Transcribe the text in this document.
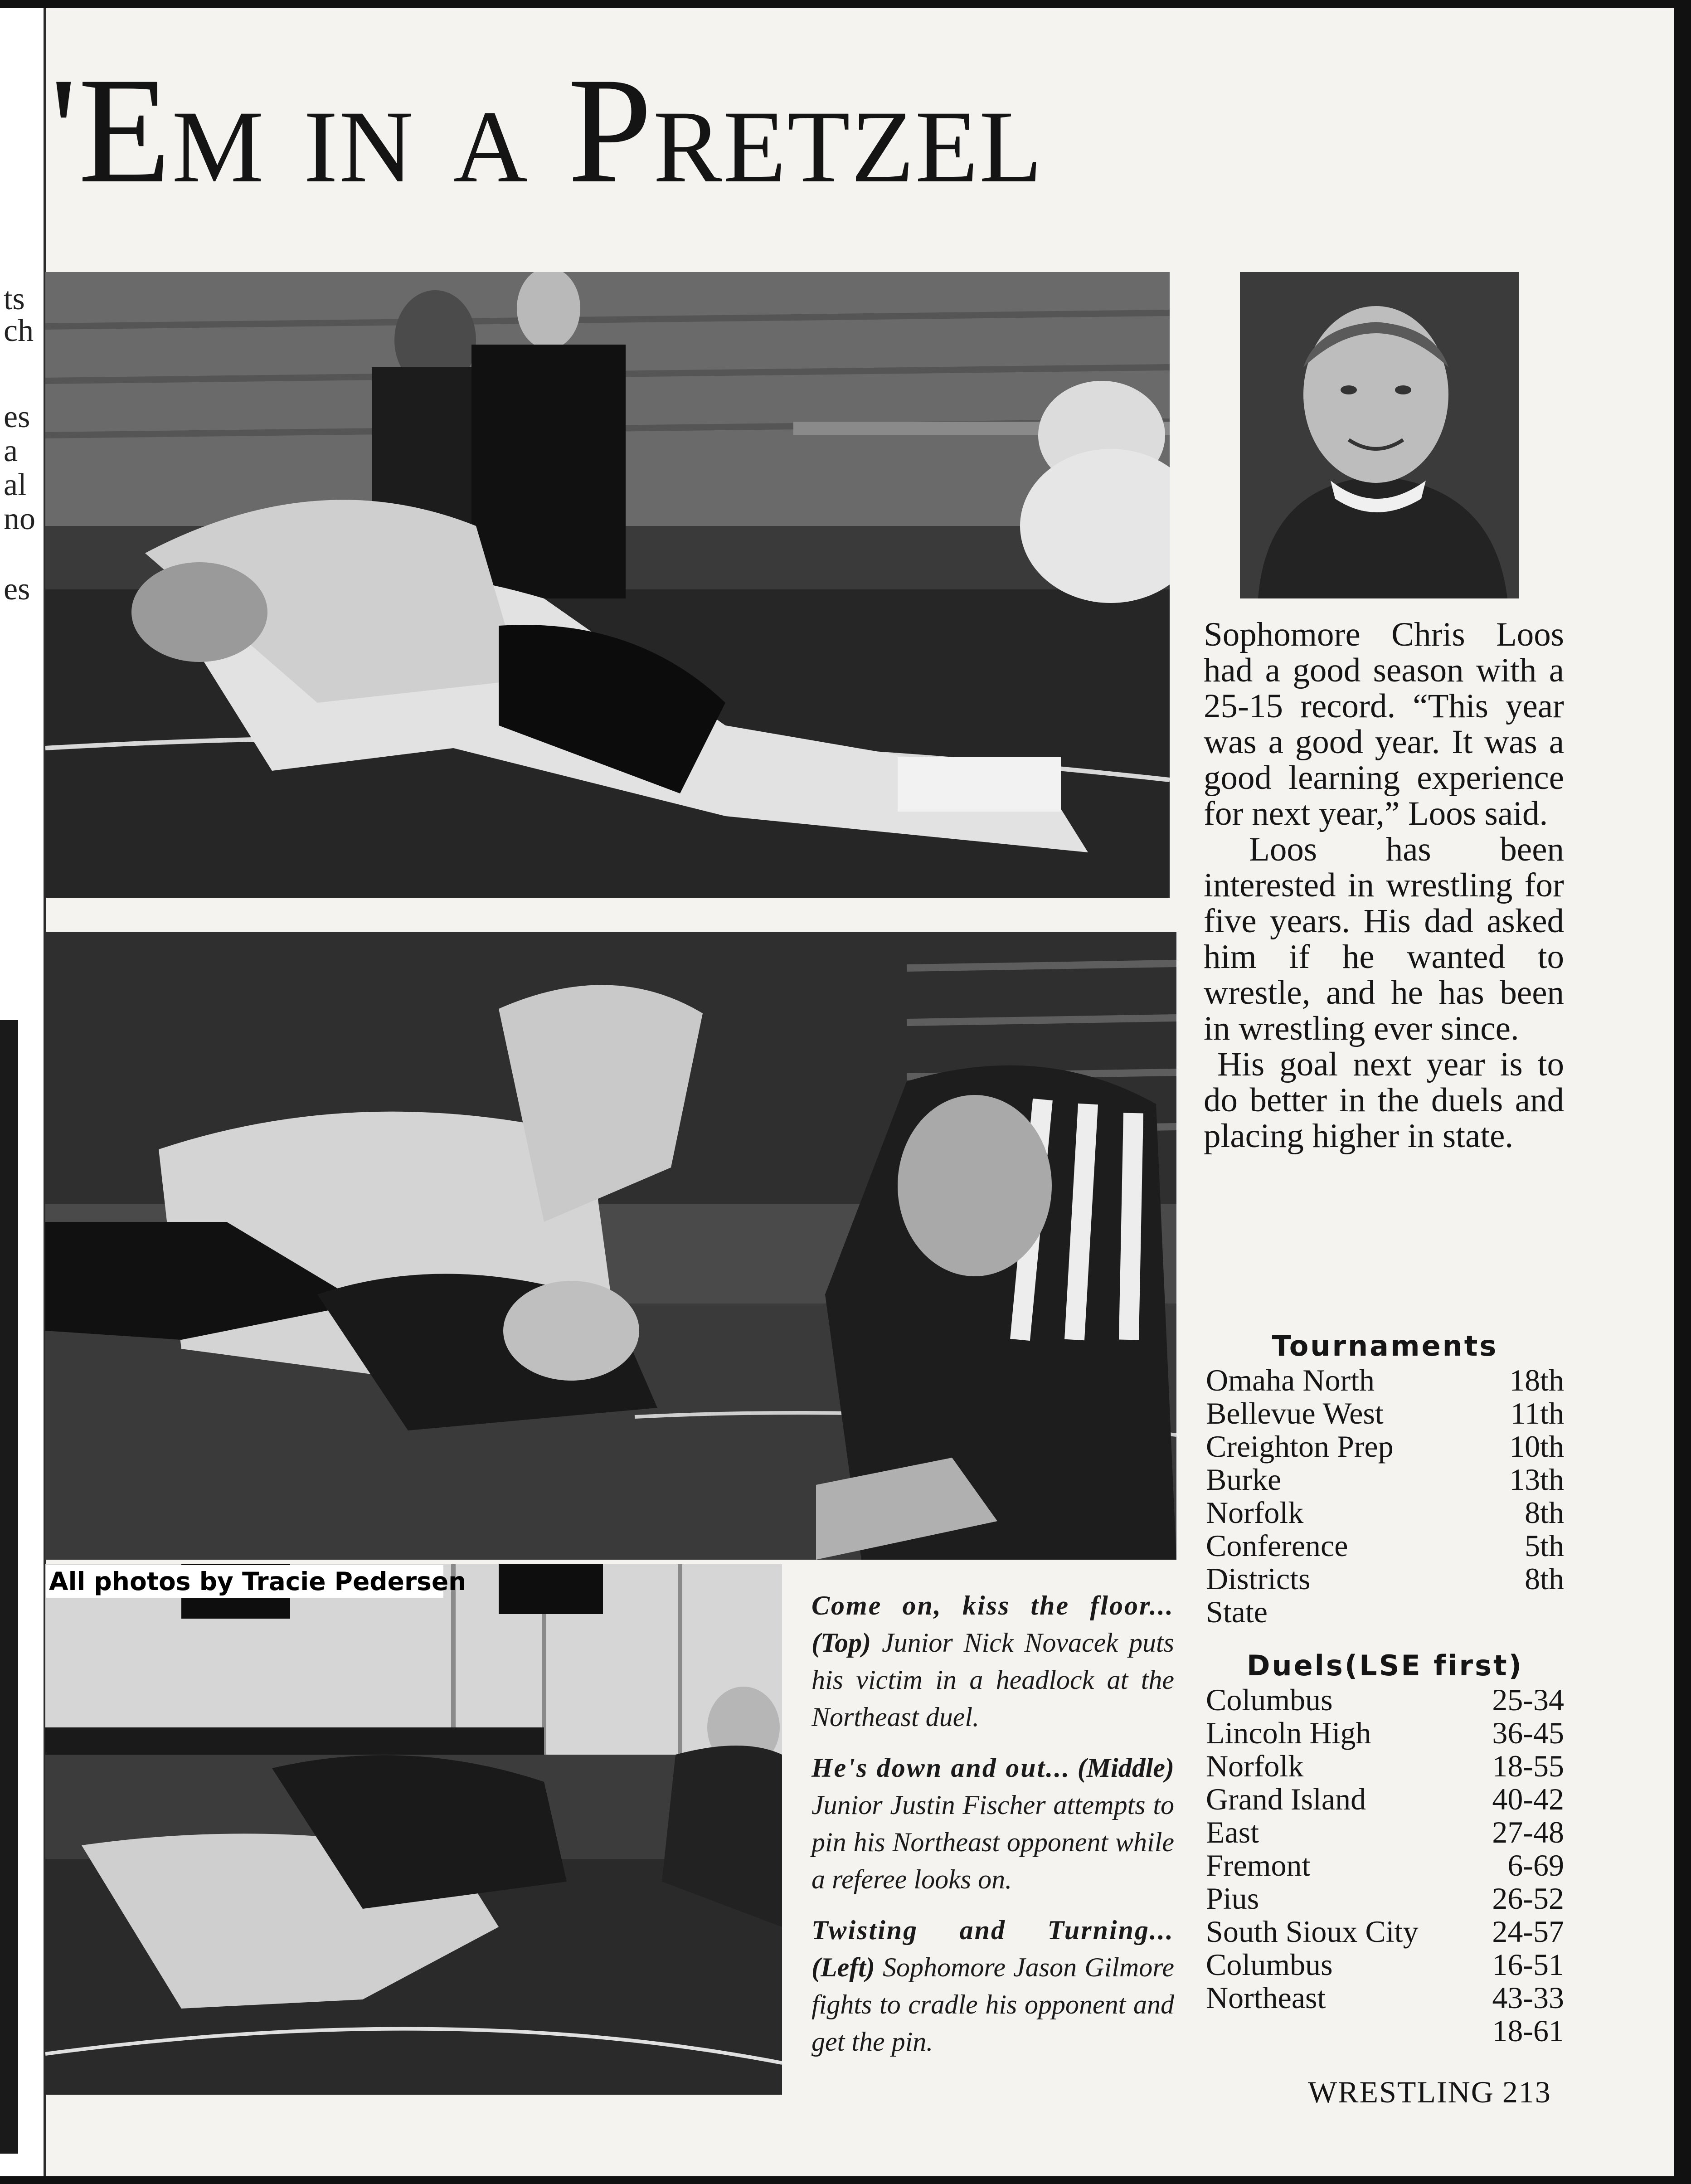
ts
ch
es
a
al
no
es
'EM IN A PRETZEL
All photos by Tracie Pedersen

Sophomore Chris Loos had a good season with a 25-15 record. “This year was a good year. It was a good learning experience for next year,” Loos said.

Loos has been interested in wrestling for five years. His dad asked him if he wanted to wrestle, and he has been in wrestling ever since.

His goal next year is to do better in the duels and placing higher in state.

Tournaments
Omaha North	18th
Bellevue West	11th
Creighton Prep	10th
Burke	13th
Norfolk	8th
Conference	5th
Districts	8th
State
Duels(LSE first)
Columbus	25-34
Lincoln High	36-45
Norfolk	18-55
Grand Island	40-42
East	27-48
Fremont	6-69
Pius	26-52
South Sioux City 24-57
Columbus	16-51
Northeast	43-33
18-61

Come on, kiss the floor... (Top) Junior Nick Novacek puts his victim in a headlock at the Northeast duel.

He's down and out... (Middle) Junior Justin Fischer attempts to pin his Northeast opponent while a referee looks on.

Twisting and Turning... (Left) Sophomore Jason Gilmore fights to cradle his opponent and get the pin.

WRESTLING 213
